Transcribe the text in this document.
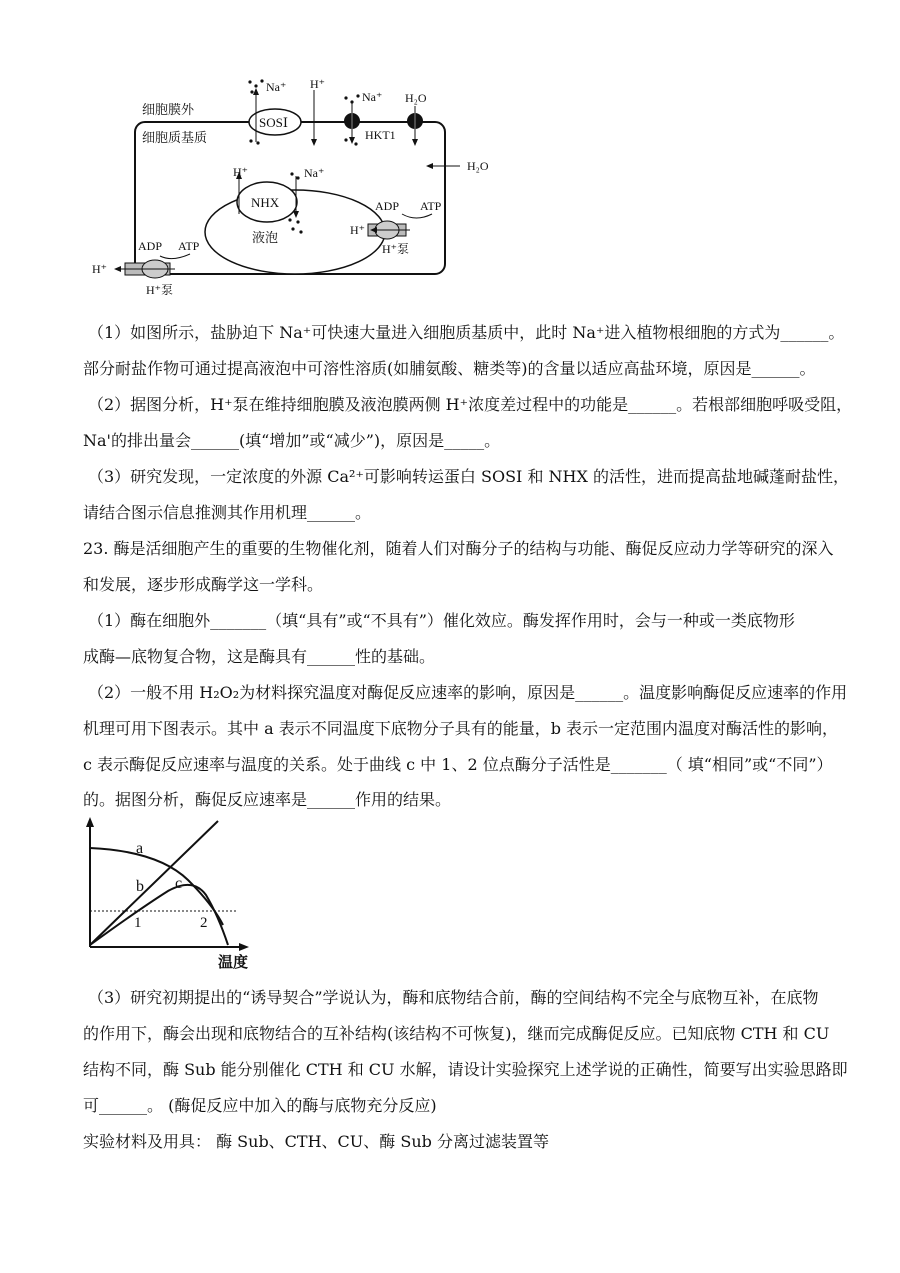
细胞膜外
细胞质基质
SOSⅠ
Na⁺ H⁺
Na⁺ H₂O
HKT1
H₂O
液泡
NHX
H⁺	Na⁺
H⁺
ADP ATP
H⁺泵
H⁺
ADP ATP
H⁺泵
（1）如图所示，盐胁迫下 Na⁺可快速大量进入细胞质基质中，此时 Na⁺进入植物根细胞的方式为______。
部分耐盐作物可通过提高液泡中可溶性溶质(如脯氨酸、糖类等)的含量以适应高盐环境，原因是______。
（2）据图分析，H⁺泵在维持细胞膜及液泡膜两侧 H⁺浓度差过程中的功能是______。若根部细胞呼吸受阻，
Na'的排出量会______(填“增加”或“减少”)，原因是_____。
（3）研究发现，一定浓度的外源 Ca²⁺可影响转运蛋白 SOSI 和 NHX 的活性，进而提高盐地碱蓬耐盐性，
请结合图示信息推测其作用机理______。
23. 酶是活细胞产生的重要的生物催化剂，随着人们对酶分子的结构与功能、酶促反应动力学等研究的深入
和发展，逐步形成酶学这一学科。
（1）酶在细胞外_______（填“具有”或“不具有”）催化效应。酶发挥作用时，会与一种或一类底物形
成酶—底物复合物，这是酶具有______性的基础。
（2）一般不用 H₂O₂为材料探究温度对酶促反应速率的影响，原因是______。温度影响酶促反应速率的作用
机理可用下图表示。其中 a 表示不同温度下底物分子具有的能量，b 表示一定范围内温度对酶活性的影响，
c 表示酶促反应速率与温度的关系。处于曲线 c 中 1、2 位点酶分子活性是_______（ 填“相同”或“不同”）
的。据图分析，酶促反应速率是______作用的结果。
a
b c
1	2
温度
（3）研究初期提出的“诱导契合”学说认为，酶和底物结合前，酶的空间结构不完全与底物互补，在底物
的作用下，酶会出现和底物结合的互补结构(该结构不可恢复)，继而完成酶促反应。已知底物 CTH 和 CU
结构不同，酶 Sub 能分别催化 CTH 和 CU 水解，请设计实验探究上述学说的正确性，简要写出实验思路即
可______。 (酶促反应中加入的酶与底物充分反应)
实验材料及用具： 酶 Sub、CTH、CU、酶 Sub 分离过滤装置等
